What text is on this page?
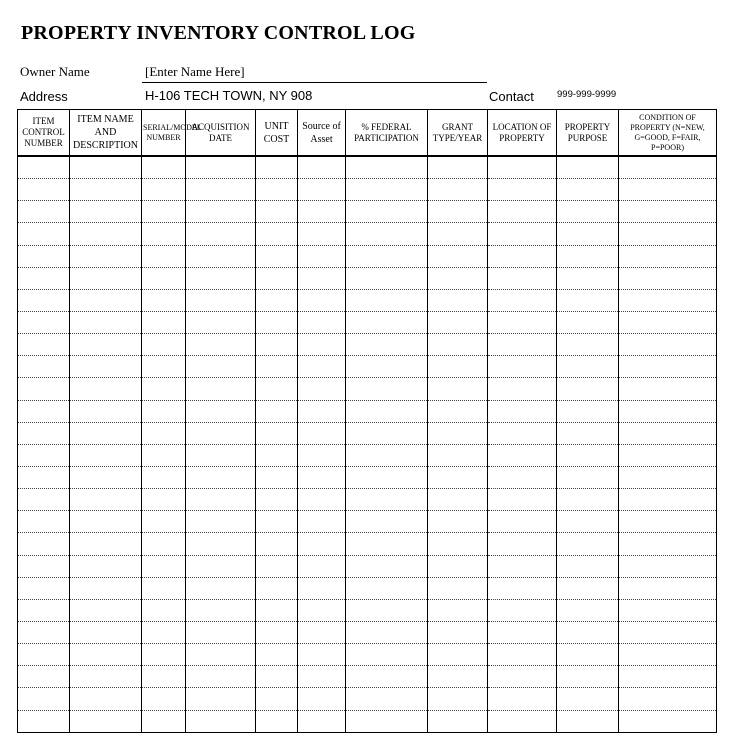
PROPERTY INVENTORY CONTROL LOG
Owner Name	[Enter Name Here]
Address	H-106 TECH TOWN, NY 908	Contact 999-999-9999
ITEM CONTROL NUMBER	ITEM NAME AND DESCRIPTION	SERIAL/MODEL NUMBER	ACQUISITION DATE	UNIT COST	Source of Asset	% FEDERAL PARTICIPATION	GRANT TYPE/YEAR	LOCATION OF PROPERTY	PROPERTY PURPOSE	CONDITION OF PROPERTY (N=NEW, G=GOOD, F=FAIR, P=POOR)
